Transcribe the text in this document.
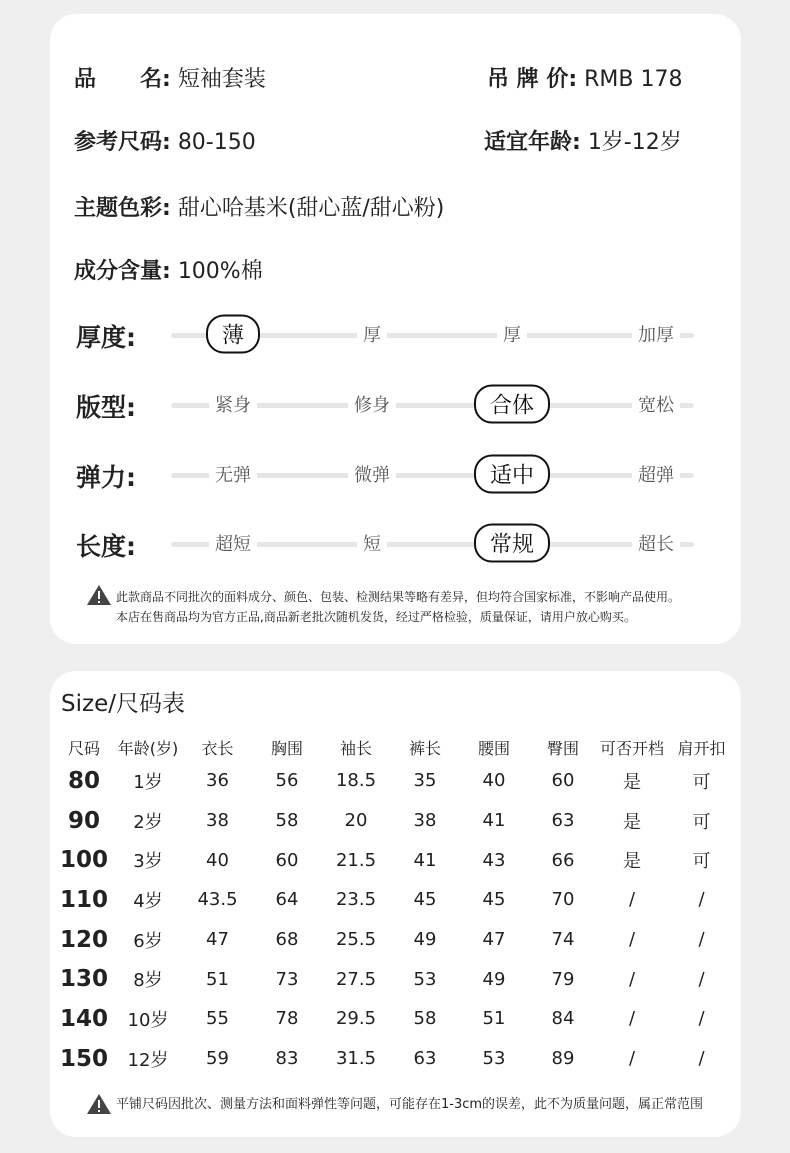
品　　名: 短袖套装	吊 牌 价: RMB 178
参考尺码: 80-150	适宜年龄: 1岁-12岁
主题色彩: 甜心哈基米(甜心蓝/甜心粉)
成分含量: 100%棉
厚度:	薄	厚	厚	加厚
版型:	紧身	修身	合体	宽松
弹力:	无弹	微弹	适中	超弹
长度:	超短	短	常规	超长
此款商品不同批次的面料成分、颜色、包装、检测结果等略有差异，但均符合国家标准，不影响产品使用。
本店在售商品均为官方正品,商品新老批次随机发货，经过严格检验，质量保证，请用户放心购买。
Size/尺码表
尺码	年龄(岁)	衣长	胸围	袖长	裤长	腰围	臀围	可否开档	肩开扣
80	1岁	36	56	18.5	35	40	60	是	可
90	2岁	38	58	20	38	41	63	是	可
100	3岁	40	60	21.5	41	43	66	是	可
110	4岁	43.5	64	23.5	45	45	70	/	/
120	6岁	47	68	25.5	49	47	74	/	/
130	8岁	51	73	27.5	53	49	79	/	/
140	10岁	55	78	29.5	58	51	84	/	/
150	12岁	59	83	31.5	63	53	89	/	/
平铺尺码因批次、测量方法和面料弹性等问题，可能存在1-3cm的误差，此不为质量问题，属正常范围
